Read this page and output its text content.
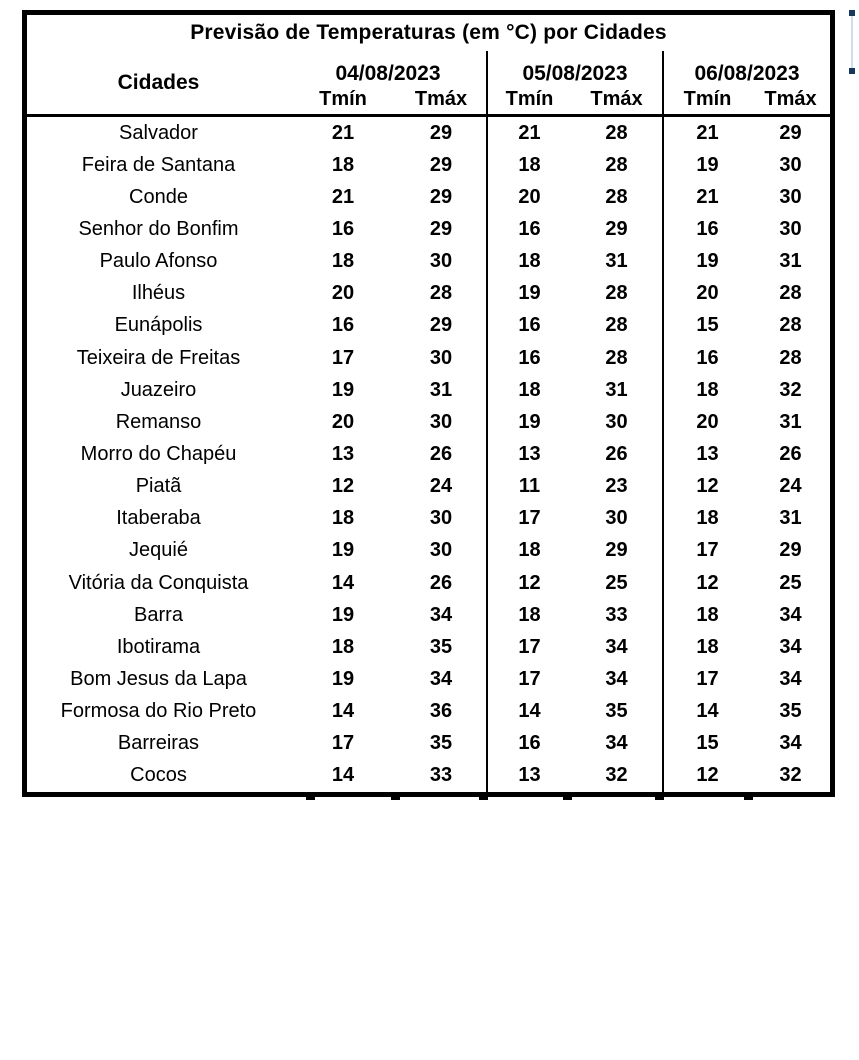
Previsão de Temperaturas (em °C) por Cidades
Cidades	04/08/2023	05/08/2023	06/08/2023
Tmín	Tmáx	Tmín	Tmáx	Tmín	Tmáx
Salvador	21	29	21	28	21	29
Feira de Santana	18	29	18	28	19	30
Conde	21	29	20	28	21	30
Senhor do Bonfim	16	29	16	29	16	30
Paulo Afonso	18	30	18	31	19	31
Ilhéus	20	28	19	28	20	28
Eunápolis	16	29	16	28	15	28
Teixeira de Freitas	17	30	16	28	16	28
Juazeiro	19	31	18	31	18	32
Remanso	20	30	19	30	20	31
Morro do Chapéu	13	26	13	26	13	26
Piatã	12	24	11	23	12	24
Itaberaba	18	30	17	30	18	31
Jequié	19	30	18	29	17	29
Vitória da Conquista	14	26	12	25	12	25
Barra	19	34	18	33	18	34
Ibotirama	18	35	17	34	18	34
Bom Jesus da Lapa	19	34	17	34	17	34
Formosa do Rio Preto	14	36	14	35	14	35
Barreiras	17	35	16	34	15	34
Cocos	14	33	13	32	12	32
